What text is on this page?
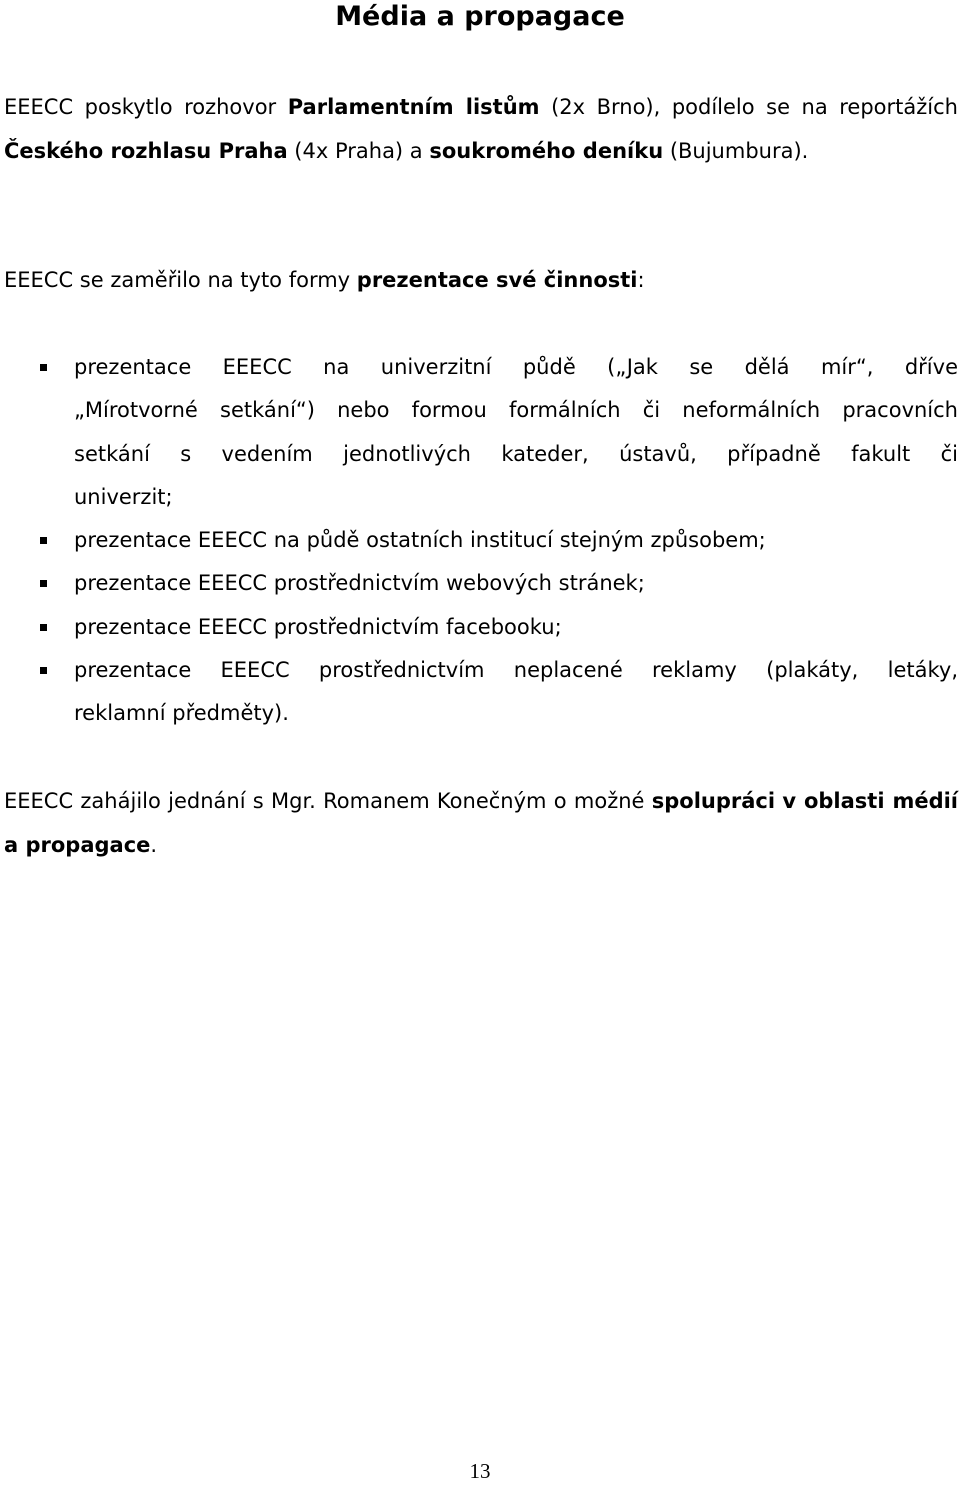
Média a propagace
EEECC poskytlo rozhovor Parlamentním listům (2x Brno), podílelo se na reportážích Českého rozhlasu Praha (4x Praha) a soukromého deníku (Bujumbura).
EEECC se zaměřilo na tyto formy prezentace své činnosti:
prezentace EEECC na univerzitní půdě („Jak se dělá mír“, dříve
„Mírotvorné setkání“) nebo formou formálních či neformálních pracovních
setkání s vedením jednotlivých kateder, ústavů, případně fakult či
univerzit;
prezentace EEECC na půdě ostatních institucí stejným způsobem;
prezentace EEECC prostřednictvím webových stránek;
prezentace EEECC prostřednictvím facebooku;
prezentace EEECC prostřednictvím neplacené reklamy (plakáty, letáky,
reklamní předměty).
EEECC zahájilo jednání s Mgr. Romanem Konečným o možné spolupráci v oblasti médií a propagace.
13
